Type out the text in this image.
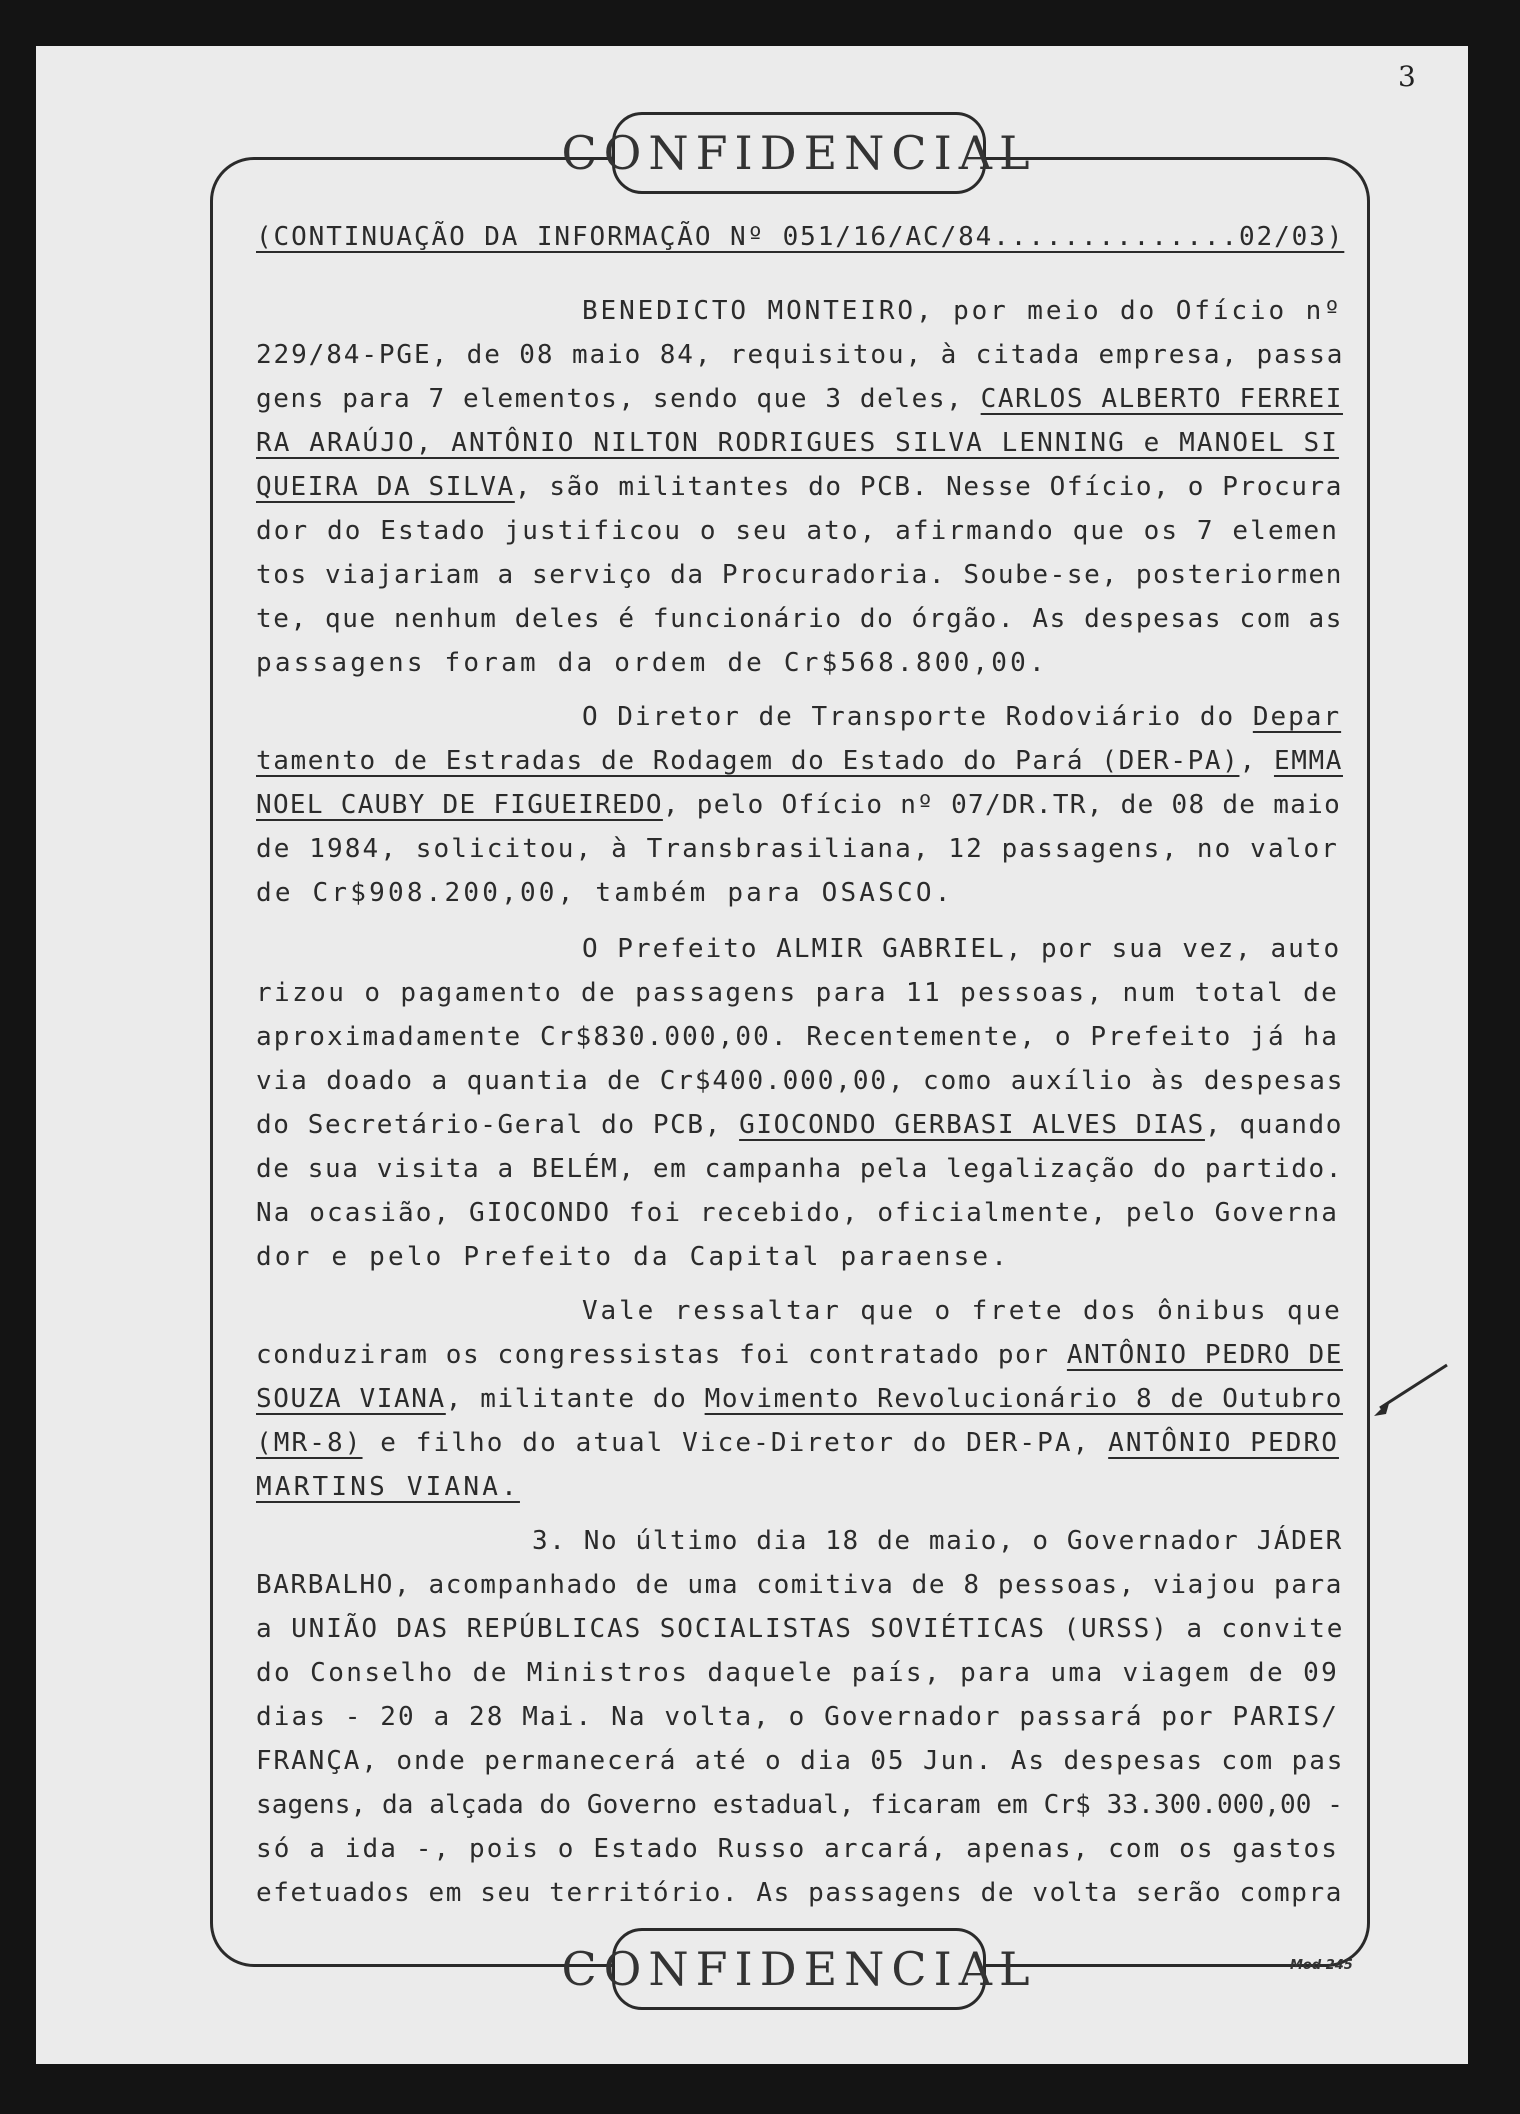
CONFIDENCIAL
CONFIDENCIAL
3
Mod 245
(CONTINUAÇÃO DA INFORMAÇÃO Nº 051/16/AC/84..............02/03)
BENEDICTO MONTEIRO, por meio do Ofício nº
229/84-PGE, de 08 maio 84, requisitou, à citada empresa, passa
gens para 7 elementos, sendo que 3 deles, CARLOS ALBERTO FERREI
RA ARAÚJO, ANTÔNIO NILTON RODRIGUES SILVA LENNING e MANOEL SI
QUEIRA DA SILVA, são militantes do PCB. Nesse Ofício, o Procura
dor do Estado justificou o seu ato, afirmando que os 7 elemen
tos viajariam a serviço da Procuradoria. Soube-se, posteriormen
te, que nenhum deles é funcionário do órgão. As despesas com as
passagens foram da ordem de Cr$568.800,00.
O Diretor de Transporte Rodoviário do Depar
tamento de Estradas de Rodagem do Estado do Pará (DER-PA), EMMA
NOEL CAUBY DE FIGUEIREDO, pelo Ofício nº 07/DR.TR, de 08 de maio
de 1984, solicitou, à Transbrasiliana, 12 passagens, no valor
de Cr$908.200,00, também para OSASCO.
O Prefeito ALMIR GABRIEL, por sua vez, auto
rizou o pagamento de passagens para 11 pessoas, num total de
aproximadamente Cr$830.000,00. Recentemente, o Prefeito já ha
via doado a quantia de Cr$400.000,00, como auxílio às despesas
do Secretário-Geral do PCB, GIOCONDO GERBASI ALVES DIAS, quando
de sua visita a BELÉM, em campanha pela legalização do partido.
Na ocasião, GIOCONDO foi recebido, oficialmente, pelo Governa
dor e pelo Prefeito da Capital paraense.
Vale ressaltar que o frete dos ônibus que
conduziram os congressistas foi contratado por ANTÔNIO PEDRO DE
SOUZA VIANA, militante do Movimento Revolucionário 8 de Outubro
(MR-8) e filho do atual Vice-Diretor do DER-PA, ANTÔNIO PEDRO
MARTINS VIANA.
3. No último dia 18 de maio, o Governador JÁDER
BARBALHO, acompanhado de uma comitiva de 8 pessoas, viajou para
a UNIÃO DAS REPÚBLICAS SOCIALISTAS SOVIÉTICAS (URSS) a convite
do Conselho de Ministros daquele país, para uma viagem de 09
dias - 20 a 28 Mai. Na volta, o Governador passará por PARIS/
FRANÇA, onde permanecerá até o dia 05 Jun. As despesas com pas
sagens, da alçada do Governo estadual, ficaram em Cr$ 33.300.000,00 -
só a ida -, pois o Estado Russo arcará, apenas, com os gastos
efetuados em seu território. As passagens de volta serão compra
